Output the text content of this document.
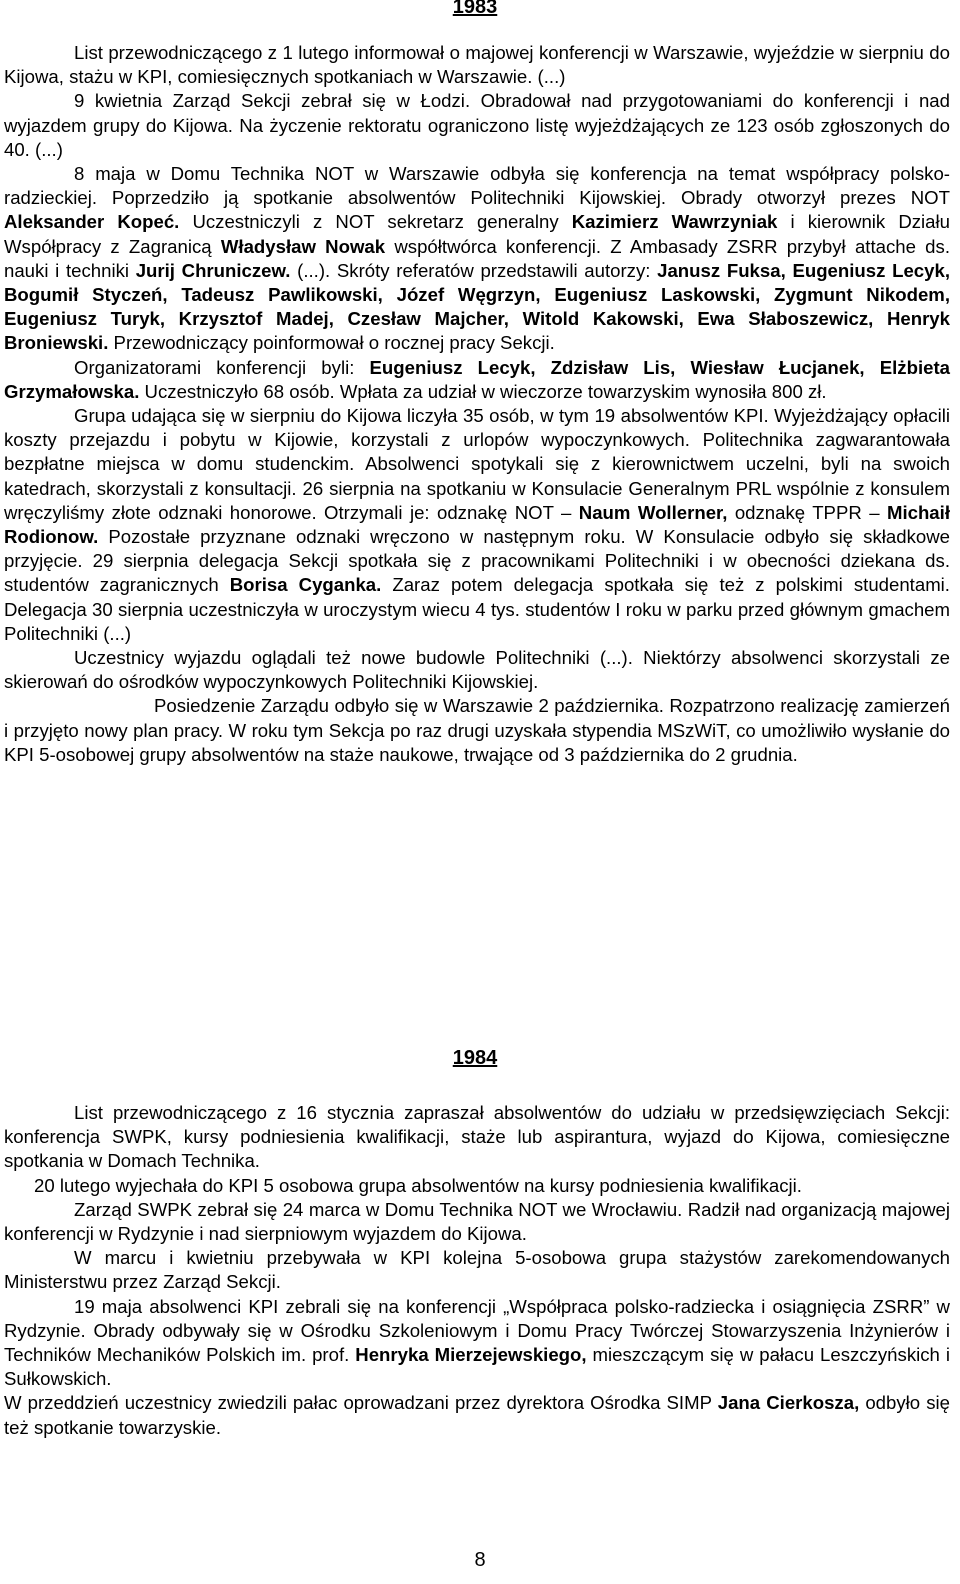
1983

List przewodniczącego z 1 lutego informował o majowej konferencji w Warszawie, wyjeździe w sierpniu do Kijowa, stażu w KPI, comiesięcznych spotkaniach w Warszawie. (...)

9 kwietnia Zarząd Sekcji zebrał się w Łodzi. Obradował nad przygotowaniami do konferencji i nad wyjazdem grupy do Kijowa. Na życzenie rektoratu ograniczono listę wyjeżdżających ze 123 osób zgłoszonych do 40. (...)

8 maja w Domu Technika NOT w Warszawie odbyła się konferencja na temat współpracy polsko-radzieckiej. Poprzedziło ją spotkanie absolwentów Politechniki Kijowskiej. Obrady otworzył prezes NOT Aleksander Kopeć. Uczestniczyli z NOT sekretarz generalny Kazimierz Wawrzyniak i kierownik Działu Współpracy z Zagranicą Władysław Nowak współtwórca konferencji. Z Ambasady ZSRR przybył attache ds. nauki i techniki Jurij Chruniczew. (...). Skróty referatów przedstawili autorzy: Janusz Fuksa, Eugeniusz Lecyk, Bogumił Styczeń, Tadeusz Pawlikowski, Józef Węgrzyn, Eugeniusz Laskowski, Zygmunt Nikodem, Eugeniusz Turyk, Krzysztof Madej, Czesław Majcher, Witold Kakowski, Ewa Słaboszewicz, Henryk Broniewski. Przewodniczący poinformował o rocznej pracy Sekcji.

Organizatorami konferencji byli: Eugeniusz Lecyk, Zdzisław Lis, Wiesław Łucjanek, Elżbieta Grzymałowska. Uczestniczyło 68 osób. Wpłata za udział w wieczorze towarzyskim wynosiła 800 zł.

Grupa udająca się w sierpniu do Kijowa liczyła 35 osób, w tym 19 absolwentów KPI. Wyjeżdżający opłacili koszty przejazdu i pobytu w Kijowie, korzystali z urlopów wypoczynkowych. Politechnika zagwarantowała bezpłatne miejsca w domu studenckim. Absolwenci spotykali się z kierownictwem uczelni, byli na swoich katedrach, skorzystali z konsultacji. 26 sierpnia na spotkaniu w Konsulacie Generalnym PRL wspólnie z konsulem wręczyliśmy złote odznaki honorowe. Otrzymali je: odznakę NOT – Naum Wollerner, odznakę TPPR – Michaił Rodionow. Pozostałe przyznane odznaki wręczono w następnym roku. W Konsulacie odbyło się składkowe przyjęcie. 29 sierpnia delegacja Sekcji spotkała się z pracownikami Politechniki i w obecności dziekana ds. studentów zagranicznych Borisa Cyganka. Zaraz potem delegacja spotkała się też z polskimi studentami. Delegacja 30 sierpnia uczestniczyła w uroczystym wiecu 4 tys. studentów I roku w parku przed głównym gmachem Politechniki (...)

Uczestnicy wyjazdu oglądali też nowe budowle Politechniki (...). Niektórzy absolwenci skorzystali ze skierowań do ośrodków wypoczynkowych Politechniki Kijowskiej.

Posiedzenie Zarządu odbyło się w Warszawie 2 października. Rozpatrzono realizację zamierzeń i przyjęto nowy plan pracy. W roku tym Sekcja po raz drugi uzyskała stypendia MSzWiT, co umożliwiło wysłanie do KPI 5-osobowej grupy absolwentów na staże naukowe, trwające od 3 października do 2 grudnia.

1984

List przewodniczącego z 16 stycznia zapraszał absolwentów do udziału w przedsięwzięciach Sekcji: konferencja SWPK, kursy podniesienia kwalifikacji, staże lub aspirantura, wyjazd do Kijowa, comiesięczne spotkania w Domach Technika.

20 lutego wyjechała do KPI 5 osobowa grupa absolwentów na kursy podniesienia kwalifikacji.

Zarząd SWPK zebrał się 24 marca w Domu Technika NOT we Wrocławiu. Radził nad organizacją majowej konferencji w Rydzynie i nad sierpniowym wyjazdem do Kijowa.

W marcu i kwietniu przebywała w KPI kolejna 5-osobowa grupa stażystów zarekomendowanych Ministerstwu przez Zarząd Sekcji.

19 maja absolwenci KPI zebrali się na konferencji „Współpraca polsko-radziecka i osiągnięcia ZSRR” w Rydzynie. Obrady odbywały się w Ośrodku Szkoleniowym i Domu Pracy Twórczej Stowarzyszenia Inżynierów i Techników Mechaników Polskich im. prof. Henryka Mierzejewskiego, mieszczącym się w pałacu Leszczyńskich i Sułkowskich.

W przeddzień uczestnicy zwiedzili pałac oprowadzani przez dyrektora Ośrodka SIMP Jana Cierkosza, odbyło się też spotkanie towarzyskie.

8
